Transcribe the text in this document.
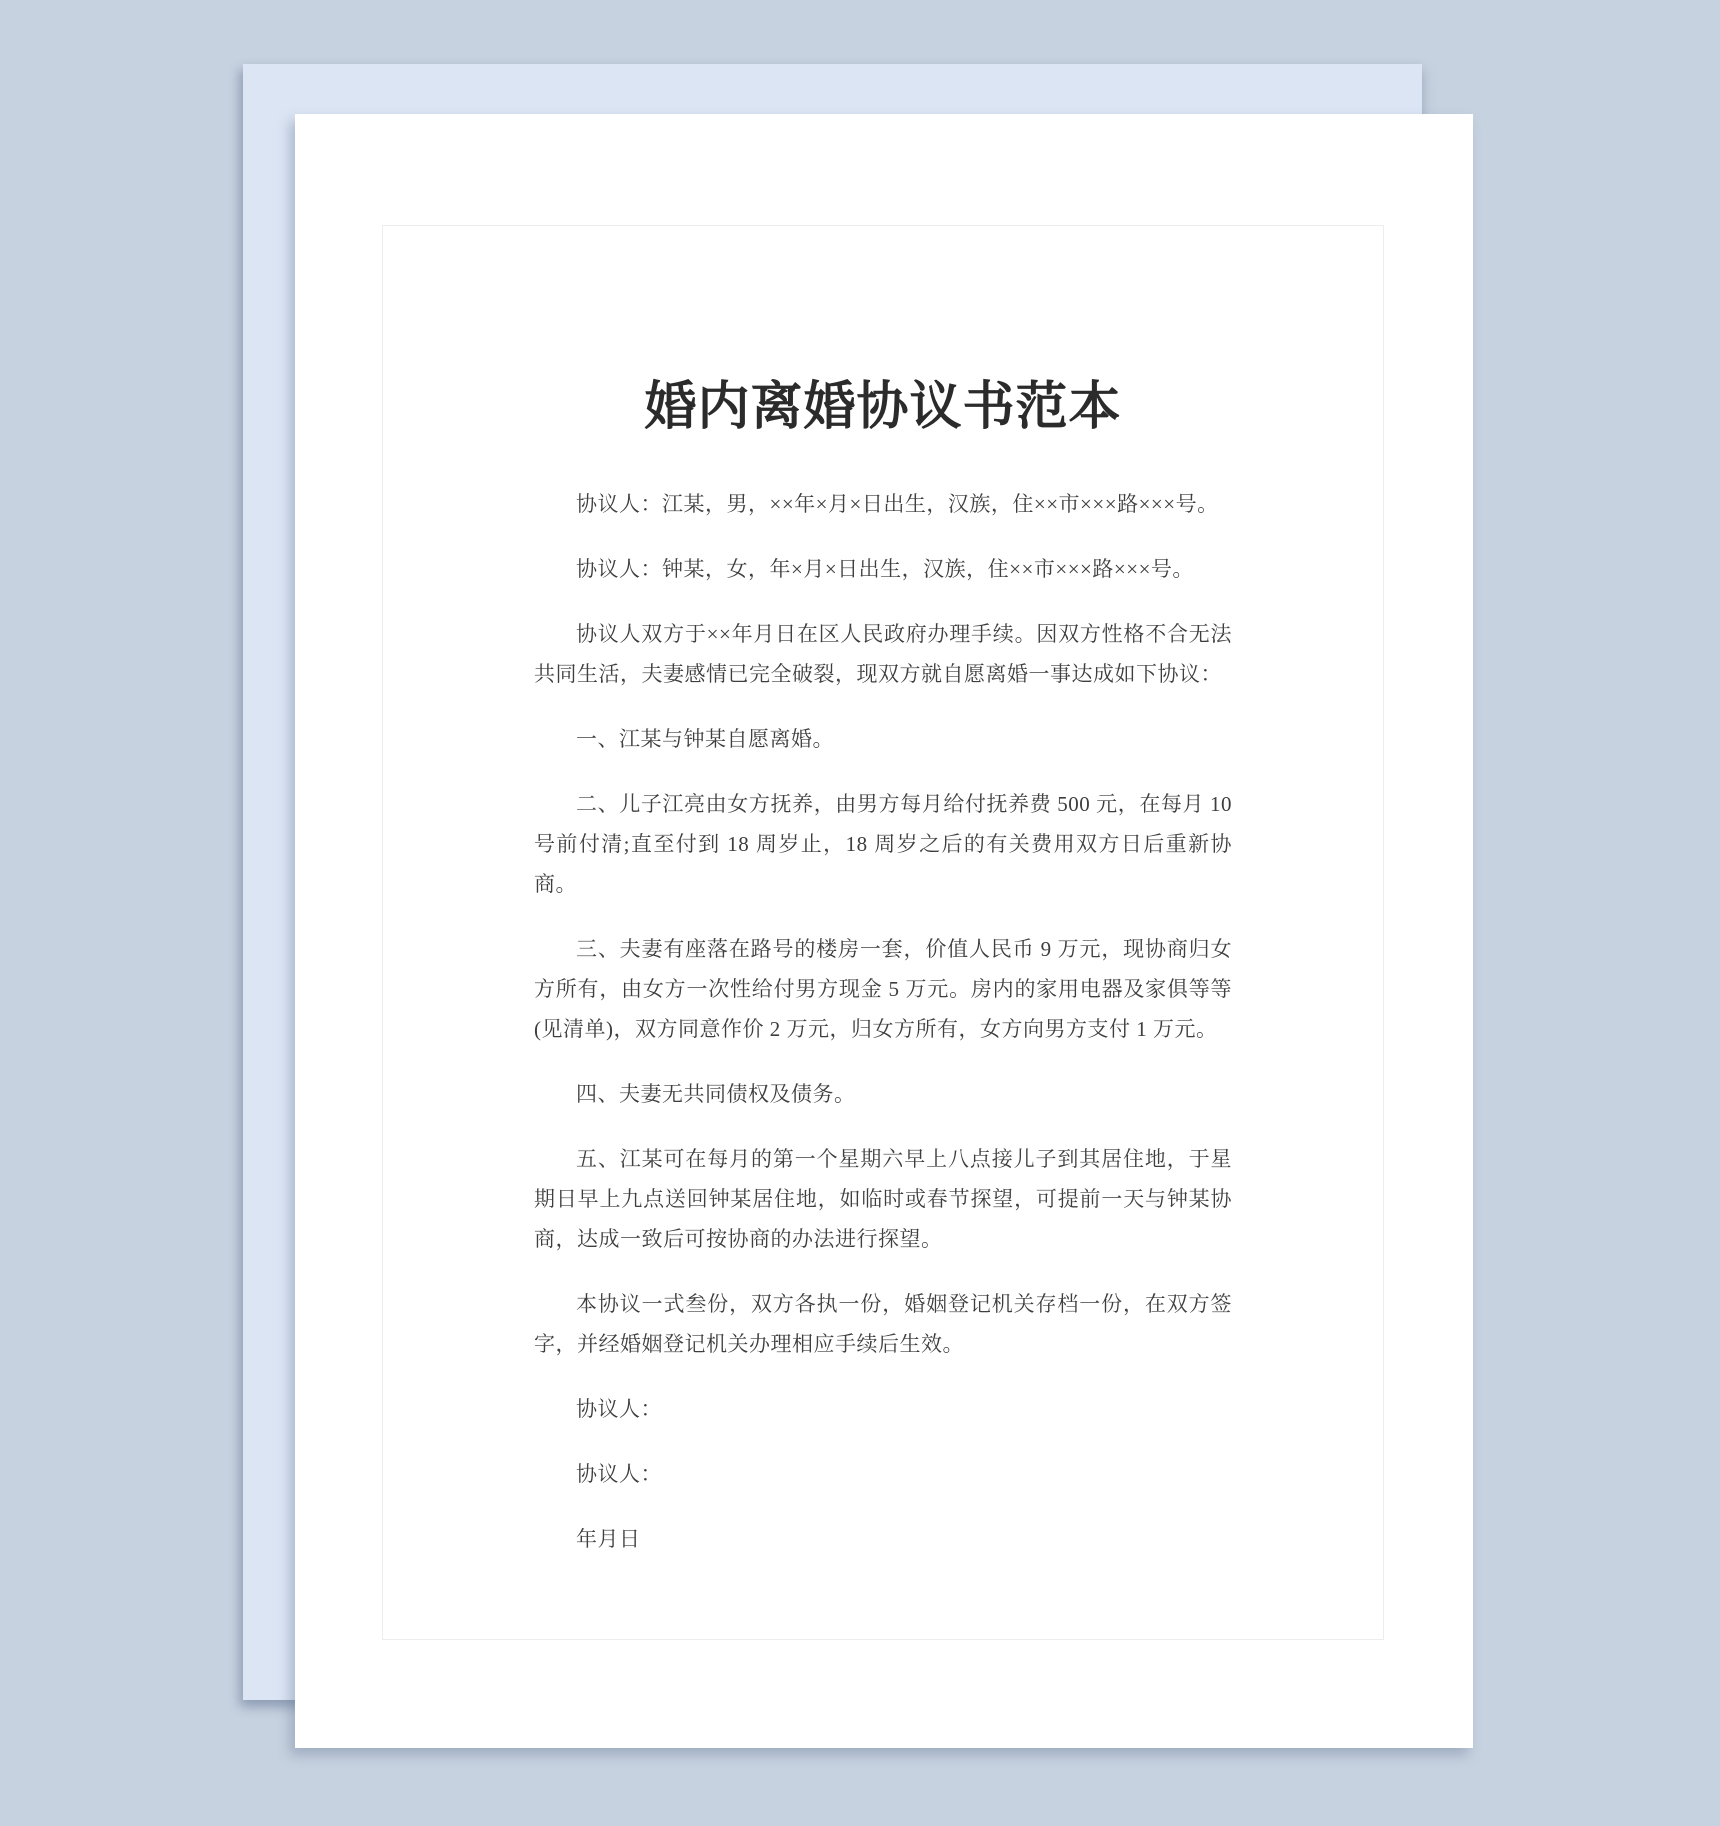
婚内离婚协议书范本

协议人：江某，男，××年×月×日出生，汉族，住××市×××路×××号。

协议人：钟某，女，年×月×日出生，汉族，住××市×××路×××号。

协议人双方于××年月日在区人民政府办理手续。因双方性格不合无法共同生活，夫妻感情已完全破裂，现双方就自愿离婚一事达成如下协议：

一、江某与钟某自愿离婚。

二、儿子江亮由女方抚养，由男方每月给付抚养费 500 元，在每月 10 号前付清;直至付到 18 周岁止，18 周岁之后的有关费用双方日后重新协商。

三、夫妻有座落在路号的楼房一套，价值人民币 9 万元，现协商归女方所有，由女方一次性给付男方现金 5 万元。房内的家用电器及家俱等等(见清单)，双方同意作价 2 万元，归女方所有，女方向男方支付 1 万元。

四、夫妻无共同债权及债务。

五、江某可在每月的第一个星期六早上八点接儿子到其居住地，于星期日早上九点送回钟某居住地，如临时或春节探望，可提前一天与钟某协商，达成一致后可按协商的办法进行探望。

本协议一式叁份，双方各执一份，婚姻登记机关存档一份，在双方签字，并经婚姻登记机关办理相应手续后生效。

协议人：

协议人：

年月日
